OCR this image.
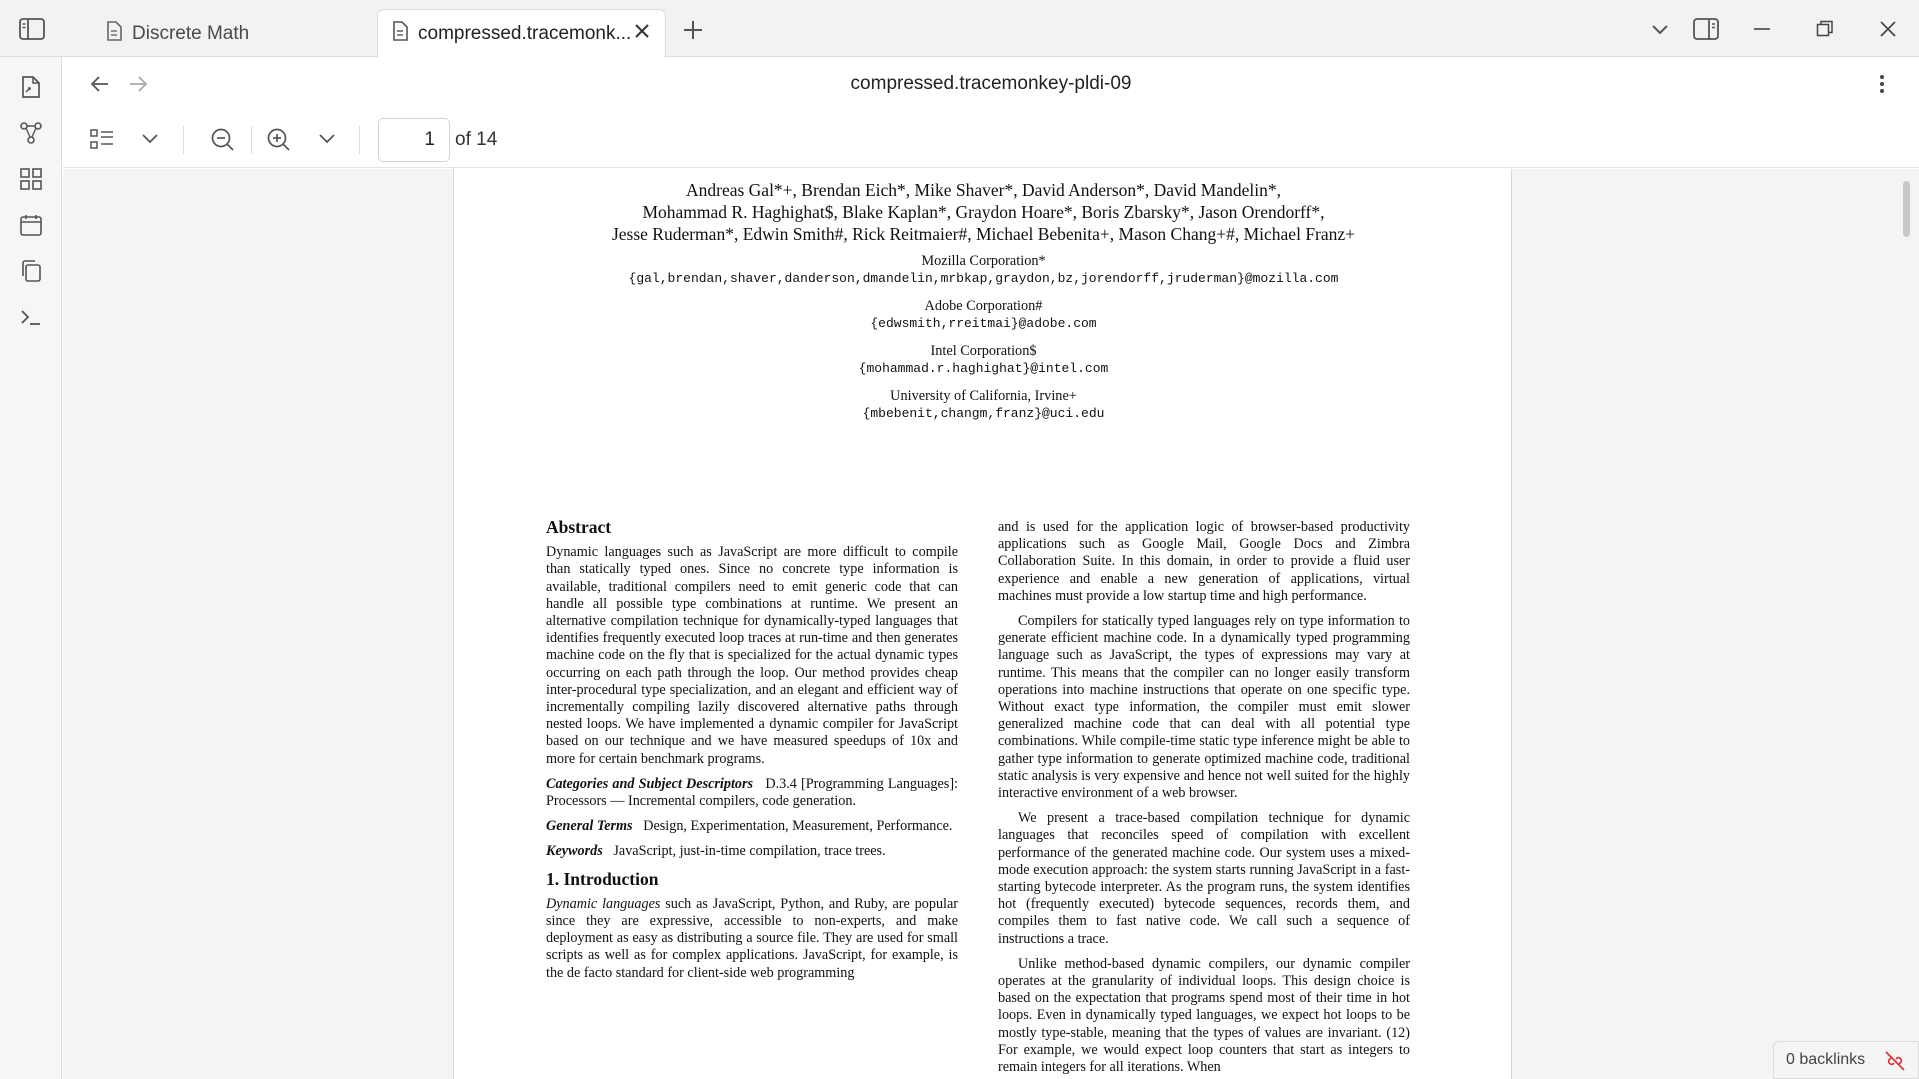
Discrete Math	compressed.tracemonk...
compressed.tracemonkey-pldi-09
1	of 14
Andreas Gal*+, Brendan Eich*, Mike Shaver*, David Anderson*, David Mandelin*,
Mohammad R. Haghighat$, Blake Kaplan*, Graydon Hoare*, Boris Zbarsky*, Jason Orendorff*,
Jesse Ruderman*, Edwin Smith#, Rick Reitmaier#, Michael Bebenita+, Mason Chang+#, Michael Franz+
Mozilla Corporation*
{gal,brendan,shaver,danderson,dmandelin,mrbkap,graydon,bz,jorendorff,jruderman}@mozilla.com
Adobe Corporation#
{edwsmith,rreitmai}@adobe.com
Intel Corporation$
{mohammad.r.haghighat}@intel.com
University of California, Irvine+
{mbebenit,changm,franz}@uci.edu
Abstract
Dynamic languages such as JavaScript are more difficult to compile than statically typed ones. Since no concrete type information is available, traditional compilers need to emit generic code that can handle all possible type combinations at runtime. We present an alternative compilation technique for dynamically-typed languages that identifies frequently executed loop traces at run-time and then generates machine code on the fly that is specialized for the actual dynamic types occurring on each path through the loop. Our method provides cheap inter-procedural type specialization, and an elegant and efficient way of incrementally compiling lazily discovered alternative paths through nested loops. We have implemented a dynamic compiler for JavaScript based on our technique and we have measured speedups of 10x and more for certain benchmark programs.
Categories and Subject Descriptors D.3.4 [Programming Languages]: Processors — Incremental compilers, code generation.
General Terms Design, Experimentation, Measurement, Performance.
Keywords JavaScript, just-in-time compilation, trace trees.
1. Introduction
Dynamic languages such as JavaScript, Python, and Ruby, are popular since they are expressive, accessible to non-experts, and make deployment as easy as distributing a source file. They are used for small scripts as well as for complex applications. JavaScript, for example, is the de facto standard for client-side web programming
and is used for the application logic of browser-based productivity applications such as Google Mail, Google Docs and Zimbra Collaboration Suite. In this domain, in order to provide a fluid user experience and enable a new generation of applications, virtual machines must provide a low startup time and high performance.
Compilers for statically typed languages rely on type information to generate efficient machine code. In a dynamically typed programming language such as JavaScript, the types of expressions may vary at runtime. This means that the compiler can no longer easily transform operations into machine instructions that operate on one specific type. Without exact type information, the compiler must emit slower generalized machine code that can deal with all potential type combinations. While compile-time static type inference might be able to gather type information to generate optimized machine code, traditional static analysis is very expensive and hence not well suited for the highly interactive environment of a web browser.
We present a trace-based compilation technique for dynamic languages that reconciles speed of compilation with excellent performance of the generated machine code. Our system uses a mixed-mode execution approach: the system starts running JavaScript in a fast-starting bytecode interpreter. As the program runs, the system identifies hot (frequently executed) bytecode sequences, records them, and compiles them to fast native code. We call such a sequence of instructions a trace.
Unlike method-based dynamic compilers, our dynamic compiler operates at the granularity of individual loops. This design choice is based on the expectation that programs spend most of their time in hot loops. Even in dynamically typed languages, we expect hot loops to be mostly type-stable, meaning that the types of values are invariant. (12) For example, we would expect loop counters that start as integers to remain integers for all iterations. When	0 backlinks
